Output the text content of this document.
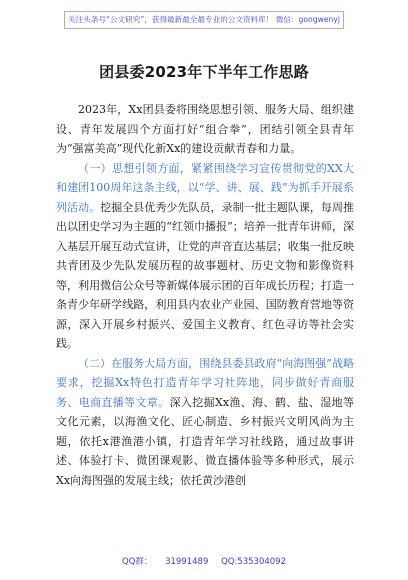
关注头条号“公文研究”，获得最新最全最专业的公文资料库！ 微信：gongwenyj
团县委2023年下半年工作思路

2023年，Xx团县委将围绕思想引领、服务大局、组织建设、青年发展四个方面打好“组合拳”，团结引领全县青年为“强富美高”现代化新Xx的建设贡献青春和力量。

（一）思想引领方面，紧紧围绕学习宣传贯彻党的XX大和建团100周年这条主线，以“学、讲、展、践”为抓手开展系列活动。挖掘全县优秀少先队员，录制一批主题队课，每周推出以团史学习为主题的“红领巾播报”；培养一批青年讲师，深入基层开展互动式宣讲，让党的声音直达基层；收集一批反映共青团及少先队发展历程的故事题材、历史文物和影像资料等，利用微信公众号等新媒体展示团的百年成长历程；打造一条青少年研学线路，利用县内农业产业园、国防教育营地等资源，深入开展乡村振兴、爱国主义教育、红色寻访等社会实践。

（二）在服务大局方面，围绕县委县政府“向海图强”战略要求，挖掘Xx特色打造青年学习社阵地，同步做好青商服务、电商直播等文章。深入挖掘Xx渔、海、鹤、盐、湿地等文化元素，以海渔文化、匠心制造、乡村振兴文明风尚为主题，依托x港渔港小镇，打造青年学习社线路，通过故事讲述、体验打卡、微团课观影、微直播体验等多种形式，展示Xx向海图强的发展主线；依托黄沙港创

QQ群： 31991489 QQ:535304092
